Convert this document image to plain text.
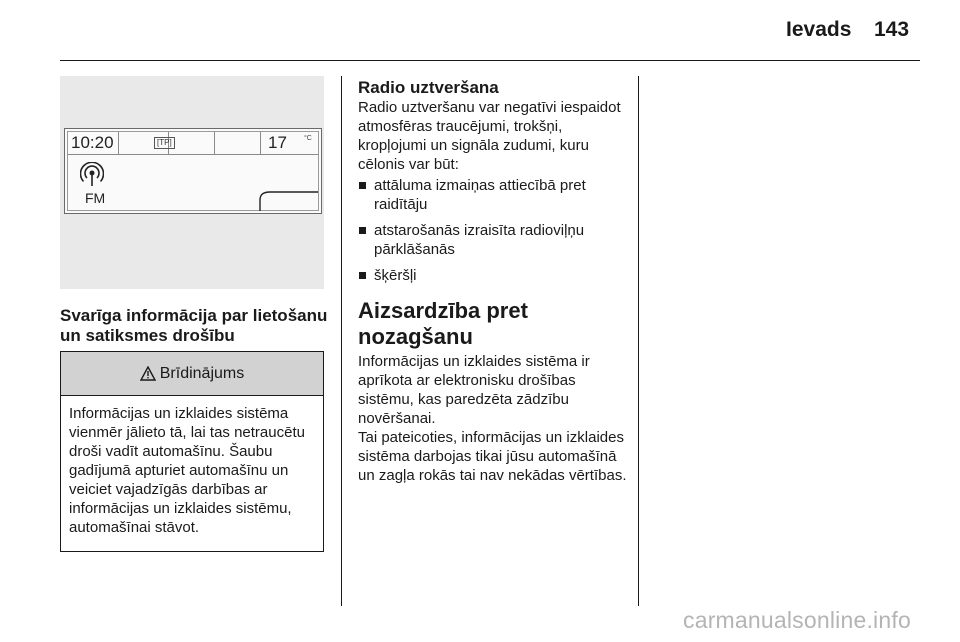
Ievads 143
10:20	[TP]	17 °C
FM
Svarīga informācija par lietošanu un satiksmes drošību
Brīdinājums
Informācijas un izklaides sistēma vienmēr jālieto tā, lai tas netraucētu droši vadīt automašīnu. Šaubu gadījumā apturiet automašīnu un veiciet vajadzīgās darbības ar informācijas un izklaides sistēmu, automašīnai stāvot.
Radio uztveršana

Radio uztveršanu var negatīvi iespaidot atmosfēras traucējumi, trokšņi, kropļojumi un signāla zudumi, kuru cēlonis var būt:

attāluma izmaiņas attiecībā pret raidītāju
atstarošanās izraisīta radioviļņu pārklāšanās
šķēršļi
Aizsardzība pret nozagšanu

Informācijas un izklaides sistēma ir aprīkota ar elektronisku drošības sistēmu, kas paredzēta zādzību novēršanai.

Tai pateicoties, informācijas un izklaides sistēma darbojas tikai jūsu automašīnā un zagļa rokās tai nav nekādas vērtības.

carmanualsonline.info
